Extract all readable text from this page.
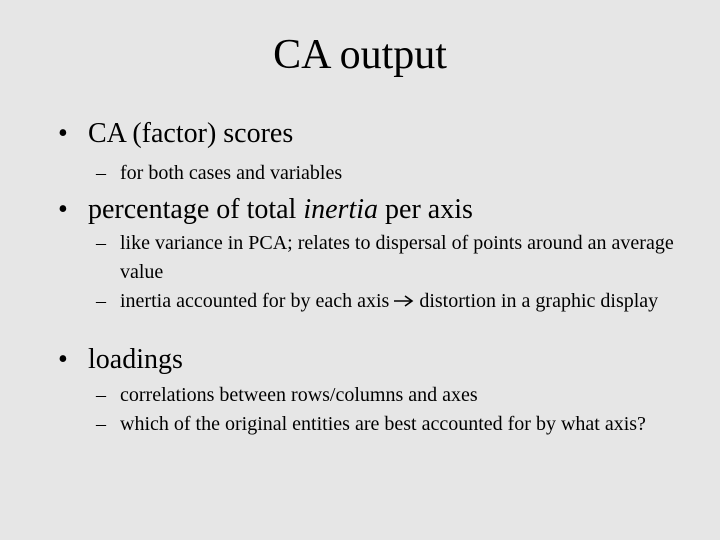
CA output
• CA (factor) scores
– for both cases and variables
• percentage of total inertia per axis
– like variance in PCA; relates to dispersal of points around an average value
– inertia accounted for by each axis distortion in a graphic display
• loadings
– correlations between rows/columns and axes
– which of the original entities are best accounted for by what axis?
